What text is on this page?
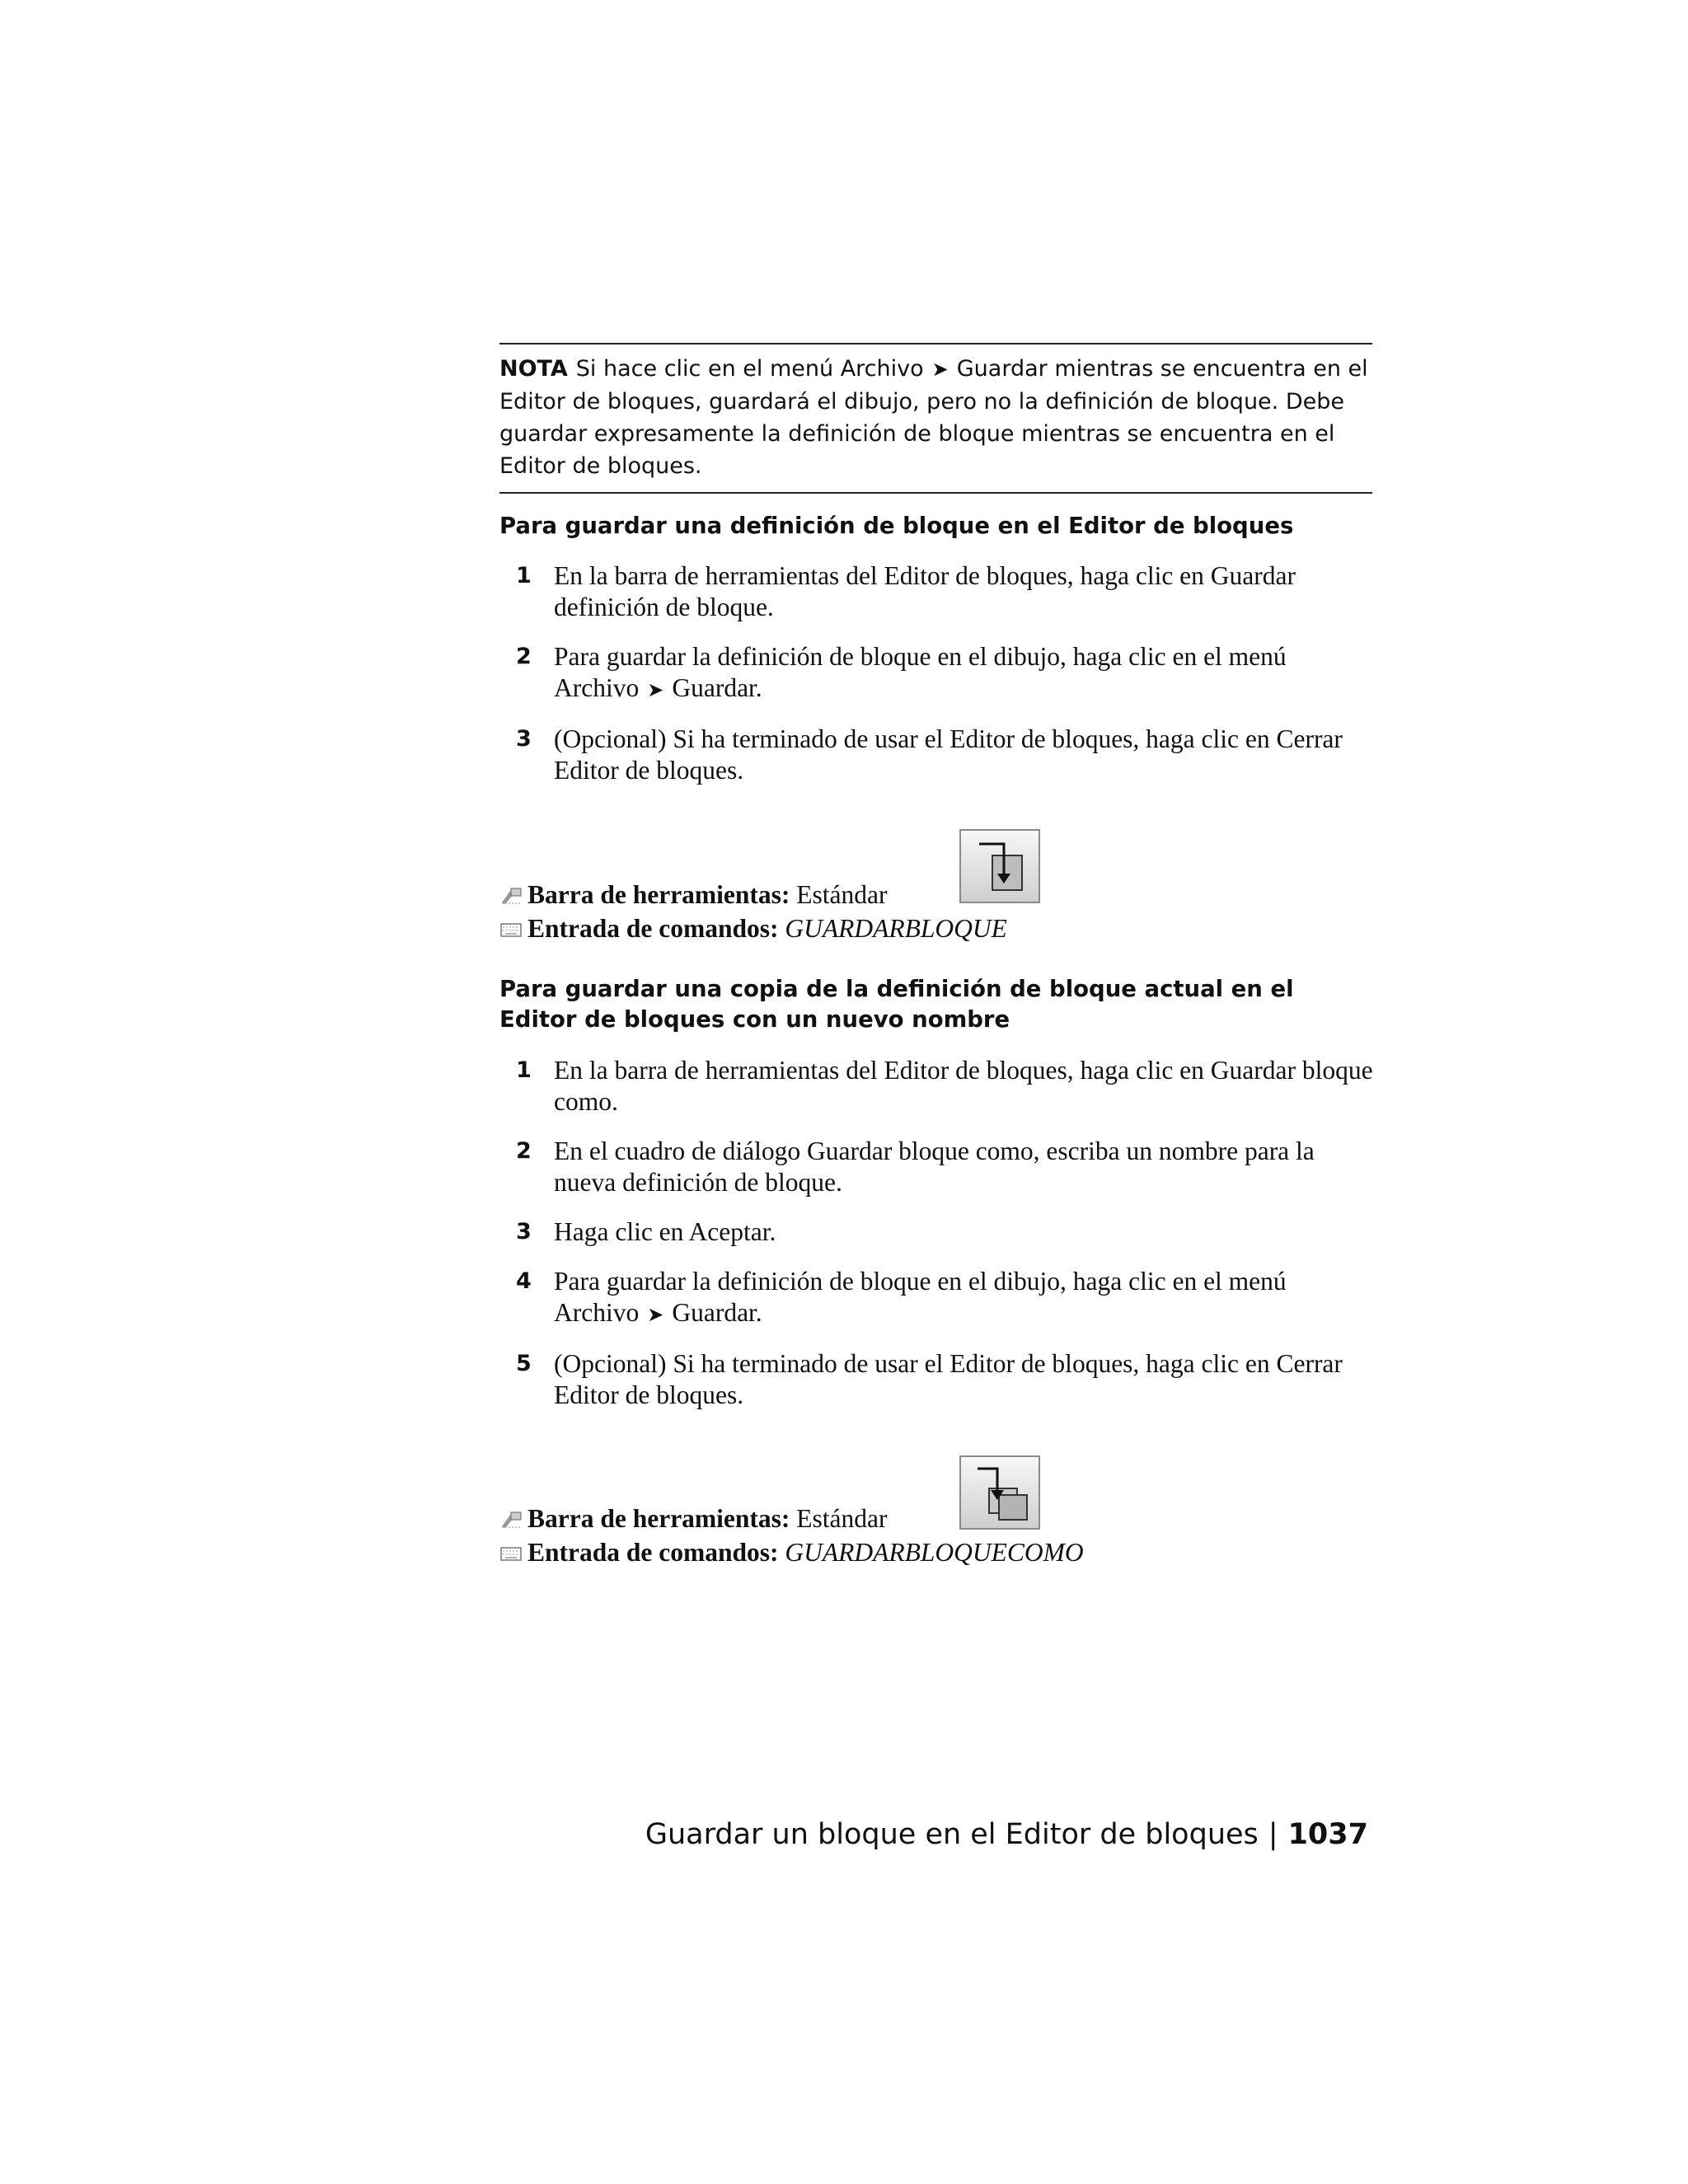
NOTA Si hace clic en el menú Archivo ➤ Guardar mientras se encuentra en el Editor de bloques, guardará el dibujo, pero no la definición de bloque. Debe guardar expresamente la definición de bloque mientras se encuentra en el Editor de bloques.
Para guardar una definición de bloque en el Editor de bloques
1 En la barra de herramientas del Editor de bloques, haga clic en Guardar definición de bloque.
2 Para guardar la definición de bloque en el dibujo, haga clic en el menú Archivo ➤ Guardar.
3 (Opcional) Si ha terminado de usar el Editor de bloques, haga clic en Cerrar Editor de bloques.
Barra de herramientas: Estándar
Entrada de comandos: GUARDARBLOQUE
Para guardar una copia de la definición de bloque actual en el Editor de bloques con un nuevo nombre
1 En la barra de herramientas del Editor de bloques, haga clic en Guardar bloque como.
2 En el cuadro de diálogo Guardar bloque como, escriba un nombre para la nueva definición de bloque.
3 Haga clic en Aceptar.
4 Para guardar la definición de bloque en el dibujo, haga clic en el menú Archivo ➤ Guardar.
5 (Opcional) Si ha terminado de usar el Editor de bloques, haga clic en Cerrar Editor de bloques.
Barra de herramientas: Estándar
Entrada de comandos: GUARDARBLOQUECOMO
Guardar un bloque en el Editor de bloques | 1037
